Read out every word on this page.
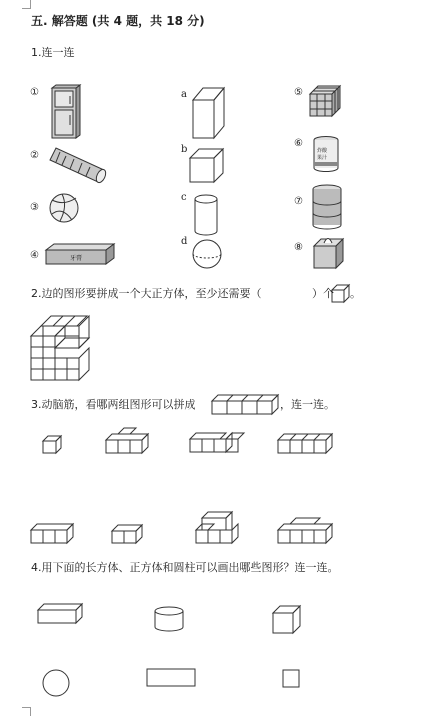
五. 解答题 (共 4 题，共 18 分)
1.连一连
①
②
③
④
a
b
c
d
⑤
⑥
⑦
⑧
牙膏
炸酸
果汁
2.边的图形要拼成一个大正方体，至少还需要（	）个 。
3.动脑筋，看哪两组图形可以拼成	，连一连。
4.用下面的长方体、正方体和圆柱可以画出哪些图形？连一连。
